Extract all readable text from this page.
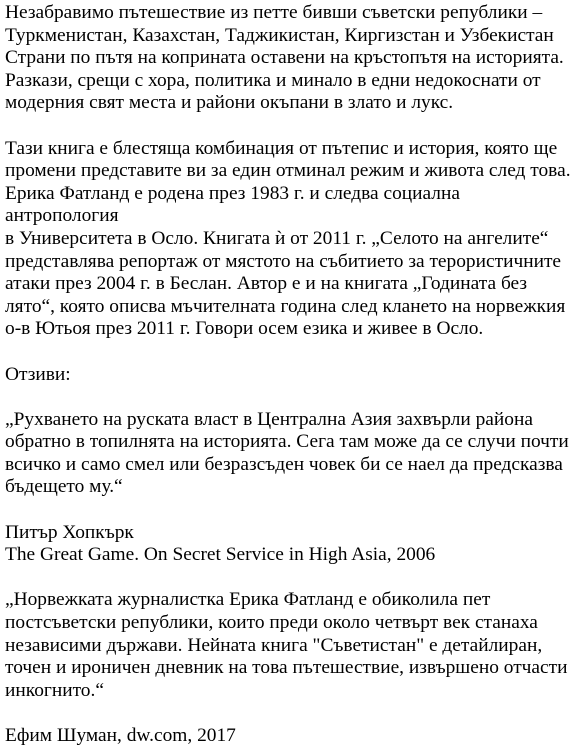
Незабравимо пътешествие из петте бивши съветски републики –
Туркменистан, Казахстан, Таджикистан, Киргизстан и Узбекистан
Страни по пътя на коприната оставени на кръстопътя на историята.
Разкази, срещи с хора, политика и минало в едни недокоснати от
модерния свят места и райони окъпани в злато и лукс.

Тази книга е блестяща комбинация от пътепис и история, която ще
промени представите ви за един отминал режим и живота след това.
Ерика Фатланд е родена през 1983 г. и следва социална антропология
в Университета в Осло. Книгата ѝ от 2011 г. „Селото на ангелите“
представлява репортаж от мястото на събитието за терористичните
атаки през 2004 г. в Беслан. Автор е и на книгата „Годината без
лято“, която описва мъчителната година след клането на норвежкия
о-в Ютьоя през 2011 г. Говори осем езика и живее в Осло.

Отзиви:

„Рухването на руската власт в Централна Азия захвърли района
обратно в топилнята на историята. Сега там може да се случи почти
всичко и само смел или безразсъден човек би се наел да предсказва
бъдещето му.“

Питър Хопкърк

The Great Game. On Secret Service in High Asia, 2006

„Норвежката журналистка Ерика Фатланд е обиколила пет
постсъветски републики, които преди около четвърт век станаха
независими държави. Нейната книга "Съветистан" е детайлиран,
точен и ироничен дневник на това пътешествие, извършено отчасти
инкогнито.“

Ефим Шуман, dw.com, 2017
